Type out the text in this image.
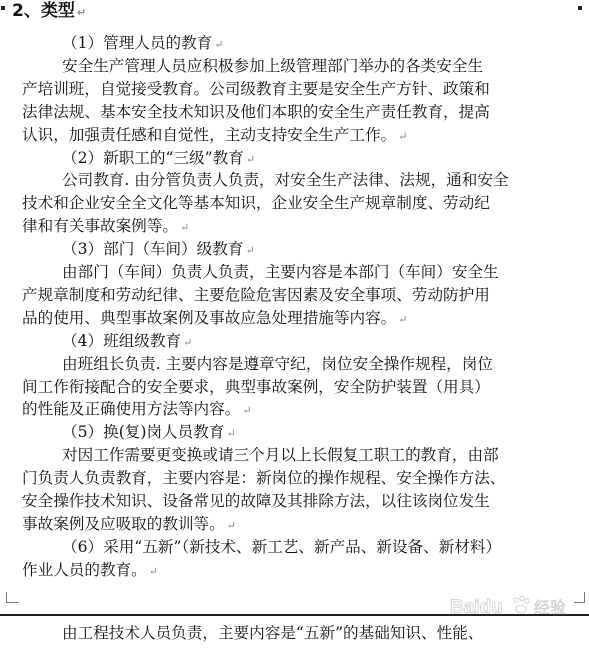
2、类型 ↵
（1）管理人员的教育 ↵
安全生产管理人员应积极参加上级管理部门举办的各类安全生
产培训班，自觉接受教育。公司级教育主要是安全生产方针、政策和
法律法规、基本安全技术知识及他们本职的安全生产责任教育，提高
认识，加强责任感和自觉性，主动支持安全生产工作。 ↵
（2）新职工的“三级”教育 ↵
公司教育. 由分管负责人负责，对安全生产法律、法规，通和安全
技术和企业安全全文化等基本知识，企业安全生产规章制度、劳动纪
律和有关事故案例等。 ↵
（3）部门（车间）级教育 ↵
由部门（车间）负责人负责，主要内容是本部门（车间）安全生
产规章制度和劳动纪律、主要危险危害因素及安全事项、劳动防护用
品的使用、典型事故案例及事故应急处理措施等内容。 ↵
（4）班组级教育 ↵
由班组长负责. 主要内容是遵章守纪，岗位安全操作规程，岗位
间工作衔接配合的安全要求，典型事故案例，安全防护装置（用具）
的性能及正确使用方法等内容。 ↵
（5）换(复)岗人员教育 ↵
对因工作需要更变换或请三个月以上长假复工职工的教育，由部
门负责人负责教育，主要内容是：新岗位的操作规程、安全操作方法、
安全操作技术知识、设备常见的故障及其排除方法，以往该岗位发生
事故案例及应吸取的教训等。 ↵
（6）采用“五新”（新技术、新工艺、新产品、新设备、新材料）
作业人员的教育。 ↵
Baidu 经验
由工程技术人员负责，主要内容是“五新”的基础知识、性能、
